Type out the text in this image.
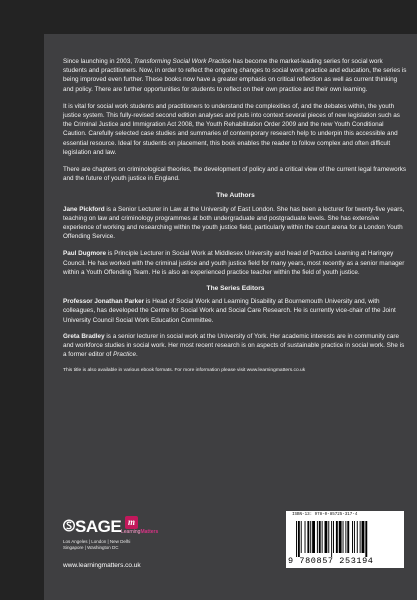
Since launching in 2003, Transforming Social Work Practice has become the market-leading series for social work students and practitioners. Now, in order to reflect the ongoing changes to social work practice and education, the series is being improved even further. These books now have a greater emphasis on critical reflection as well as current thinking and policy. There are further opportunities for students to reflect on their own practice and their own learning.

It is vital for social work students and practitioners to understand the complexities of, and the debates within, the youth justice system. This fully-revised second edition analyses and puts into context several pieces of new legislation such as the Criminal Justice and Immigration Act 2008, the Youth Rehabilitation Order 2009 and the new Youth Conditional Caution. Carefully selected case studies and summaries of contemporary research help to underpin this accessible and essential resource. Ideal for students on placement, this book enables the reader to follow complex and often difficult legislation and law.

There are chapters on criminological theories, the development of policy and a critical view of the current legal frameworks and the future of youth justice in England.

The Authors

Jane Pickford is a Senior Lecturer in Law at the University of East London. She has been a lecturer for twenty-five years, teaching on law and criminology programmes at both undergraduate and postgraduate levels. She has extensive experience of working and researching within the youth justice field, particularly within the court arena for a London Youth Offending Service.

Paul Dugmore is Principle Lecturer in Social Work at Middlesex University and head of Practice Learning at Haringey Council. He has worked with the criminal justice and youth justice field for many years, most recently as a senior manager within a Youth Offending Team. He is also an experienced practice teacher within the field of youth justice.

The Series Editors

Professor Jonathan Parker is Head of Social Work and Learning Disability at Bournemouth University and, with colleagues, has developed the Centre for Social Work and Social Care Research. He is currently vice-chair of the Joint University Council Social Work Education Committee.

Greta Bradley is a senior lecturer in social work at the University of York. Her academic interests are in community care and workforce studies in social work. Her most recent research is on aspects of sustainable practice in social work. She is a former editor of Practice.

This title is also available in various ebook formats. For more information please visit www.learningmatters.co.uk

SAGE
Los Angeles | London | New Delhi
Singapore | Washington DC
m
LearningMatters
www.learningmatters.co.uk
ISBN-13: 978-0-85725-317-4
9 780857 253194
